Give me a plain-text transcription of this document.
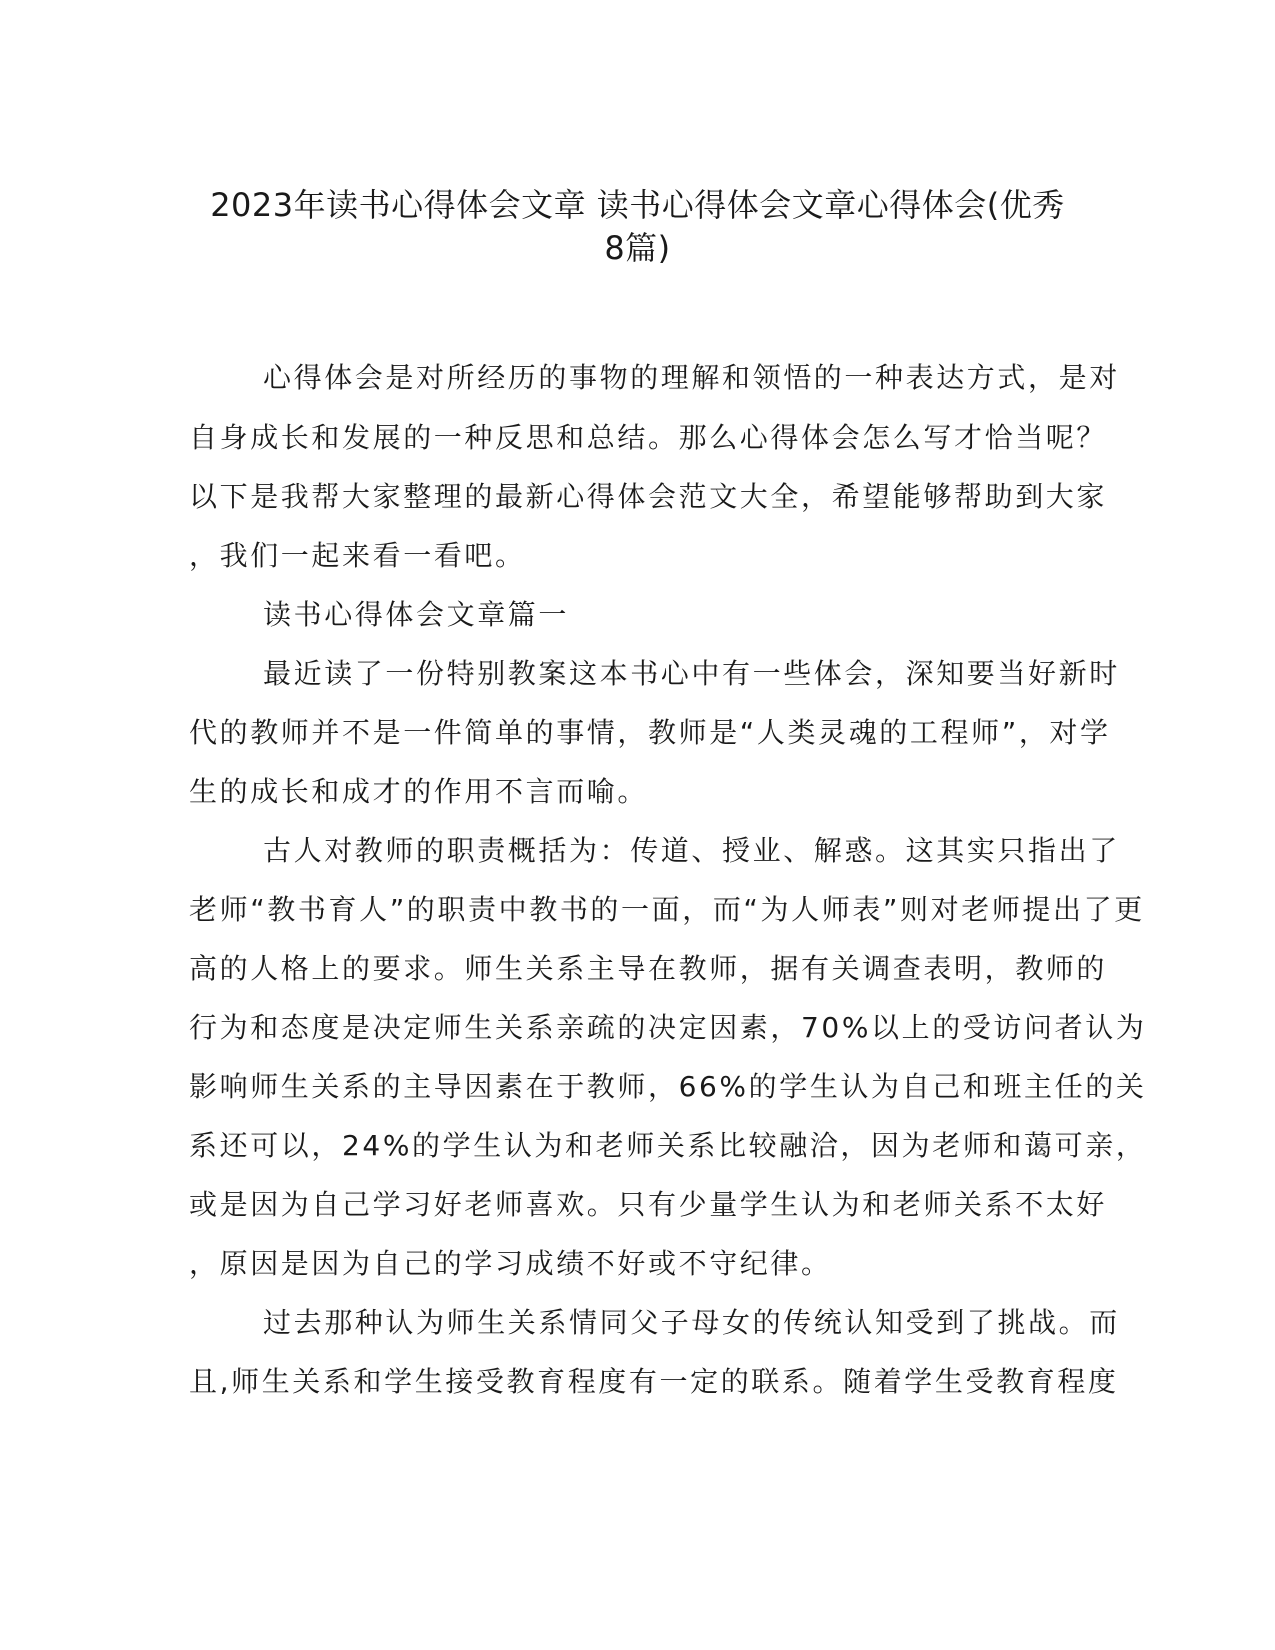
2023年读书心得体会文章 读书心得体会文章心得体会(优秀
8篇)

心得体会是对所经历的事物的理解和领悟的一种表达方式，是对

自身成长和发展的一种反思和总结。那么心得体会怎么写才恰当呢？

以下是我帮大家整理的最新心得体会范文大全，希望能够帮助到大家

，我们一起来看一看吧。

读书心得体会文章篇一

最近读了一份特别教案这本书心中有一些体会，深知要当好新时

代的教师并不是一件简单的事情，教师是“人类灵魂的工程师”，对学

生的成长和成才的作用不言而喻。

古人对教师的职责概括为：传道、授业、解惑。这其实只指出了

老师“教书育人”的职责中教书的一面，而“为人师表”则对老师提出了更

高的人格上的要求。师生关系主导在教师，据有关调查表明，教师的

行为和态度是决定师生关系亲疏的决定因素，70%以上的受访问者认为

影响师生关系的主导因素在于教师，66%的学生认为自己和班主任的关

系还可以，24%的学生认为和老师关系比较融洽，因为老师和蔼可亲，

或是因为自己学习好老师喜欢。只有少量学生认为和老师关系不太好

，原因是因为自己的学习成绩不好或不守纪律。

过去那种认为师生关系情同父子母女的传统认知受到了挑战。而

且,师生关系和学生接受教育程度有一定的联系。随着学生受教育程度
